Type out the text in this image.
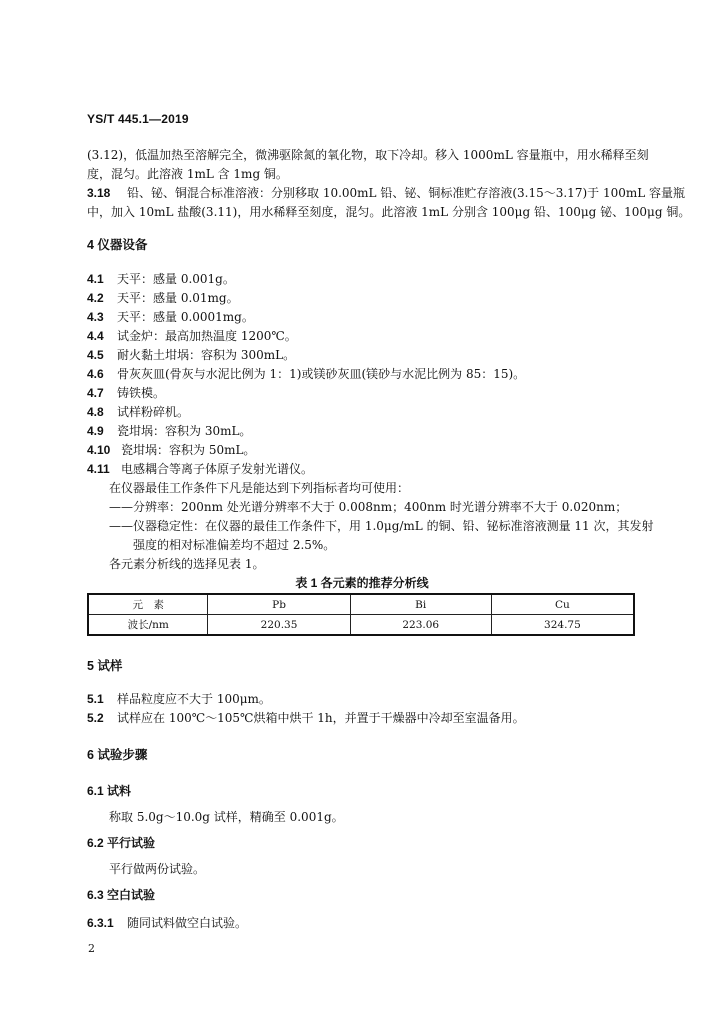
YS/T 445.1—2019
(3.12)，低温加热至溶解完全，微沸驱除氮的氧化物，取下冷却。移入 1000mL 容量瓶中，用水稀释至刻
度，混匀。此溶液 1mL 含 1mg 铜。
3.18 铅、铋、铜混合标准溶液：分别移取 10.00mL 铅、铋、铜标准贮存溶液(3.15～3.17)于 100mL 容量瓶
中，加入 10mL 盐酸(3.11)，用水稀释至刻度，混匀。此溶液 1mL 分别含 100μg 铅、100μg 铋、100μg 铜。
4 仪器设备
4.1 天平：感量 0.001g。
4.2 天平：感量 0.01mg。
4.3 天平：感量 0.0001mg。
4.4 试金炉：最高加热温度 1200℃。
4.5 耐火黏土坩埚：容积为 300mL。
4.6 骨灰灰皿(骨灰与水泥比例为 1：1)或镁砂灰皿(镁砂与水泥比例为 85：15)。
4.7 铸铁模。
4.8 试样粉碎机。
4.9 瓷坩埚：容积为 30mL。
4.10 瓷坩埚：容积为 50mL。
4.11 电感耦合等离子体原子发射光谱仪。
在仪器最佳工作条件下凡是能达到下列指标者均可使用：
——分辨率：200nm 处光谱分辨率不大于 0.008nm；400nm 时光谱分辨率不大于 0.020nm；
——仪器稳定性：在仪器的最佳工作条件下，用 1.0μg/mL 的铜、铅、铋标准溶液测量 11 次，其发射
强度的相对标准偏差均不超过 2.5%。
各元素分析线的选择见表 1。
表 1 各元素的推荐分析线
元　素	Pb	Bi	Cu
波长/nm	220.35	223.06	324.75
5 试样
5.1 样品粒度应不大于 100μm。
5.2 试样应在 100℃～105℃烘箱中烘干 1h，并置于干燥器中冷却至室温备用。
6 试验步骤
6.1 试料
称取 5.0g～10.0g 试样，精确至 0.001g。
6.2 平行试验
平行做两份试验。
6.3 空白试验
6.3.1 随同试料做空白试验。
2
